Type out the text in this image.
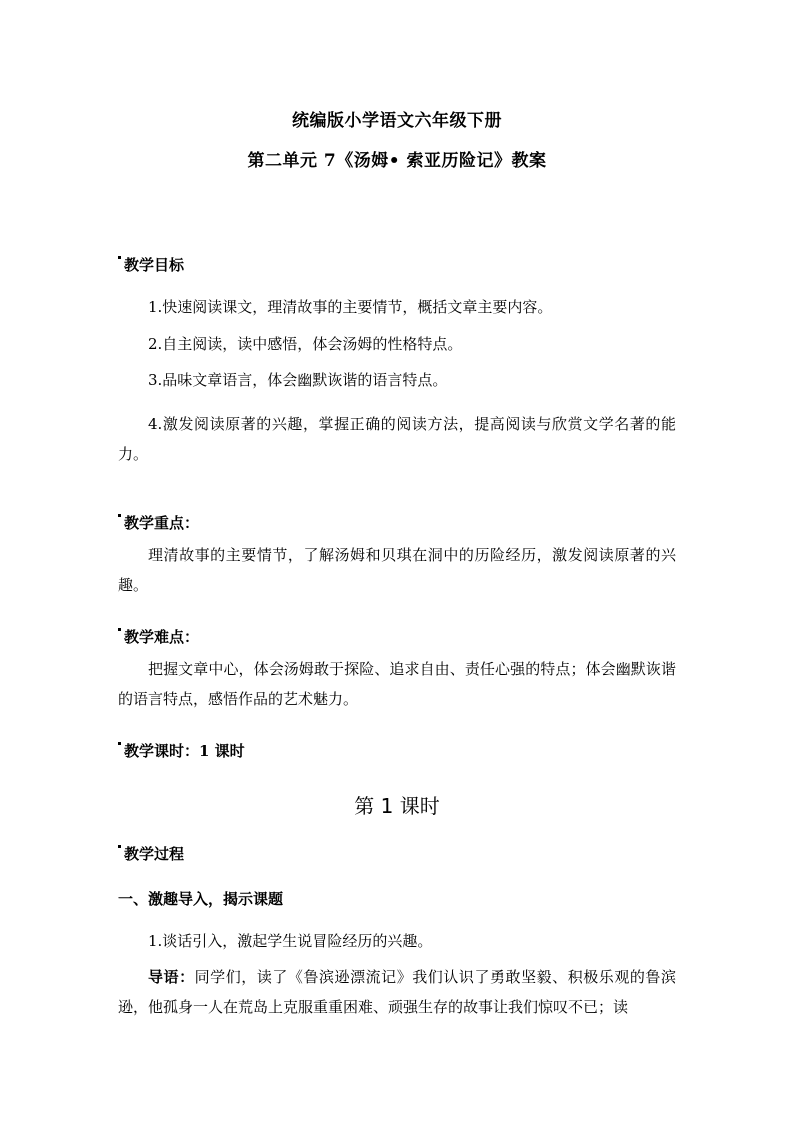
统编版小学语文六年级下册
第二单元 7《汤姆• 索亚历险记》教案
教学目标
1.快速阅读课文，理清故事的主要情节，概括文章主要内容。
2.自主阅读，读中感悟，体会汤姆的性格特点。
3.品味文章语言，体会幽默诙谐的语言特点。
4.激发阅读原著的兴趣，掌握正确的阅读方法，提高阅读与欣赏文学名著的能力。
教学重点：
理清故事的主要情节，了解汤姆和贝琪在洞中的历险经历，激发阅读原著的兴趣。
教学难点：
把握文章中心，体会汤姆敢于探险、追求自由、责任心强的特点；体会幽默诙谐的语言特点，感悟作品的艺术魅力。
教学课时：1 课时
第 1 课时
教学过程
一、激趣导入，揭示课题
1.谈话引入，激起学生说冒险经历的兴趣。
导语：同学们，读了《鲁滨逊漂流记》我们认识了勇敢坚毅、积极乐观的鲁滨逊，他孤身一人在荒岛上克服重重困难、顽强生存的故事让我们惊叹不已；读
